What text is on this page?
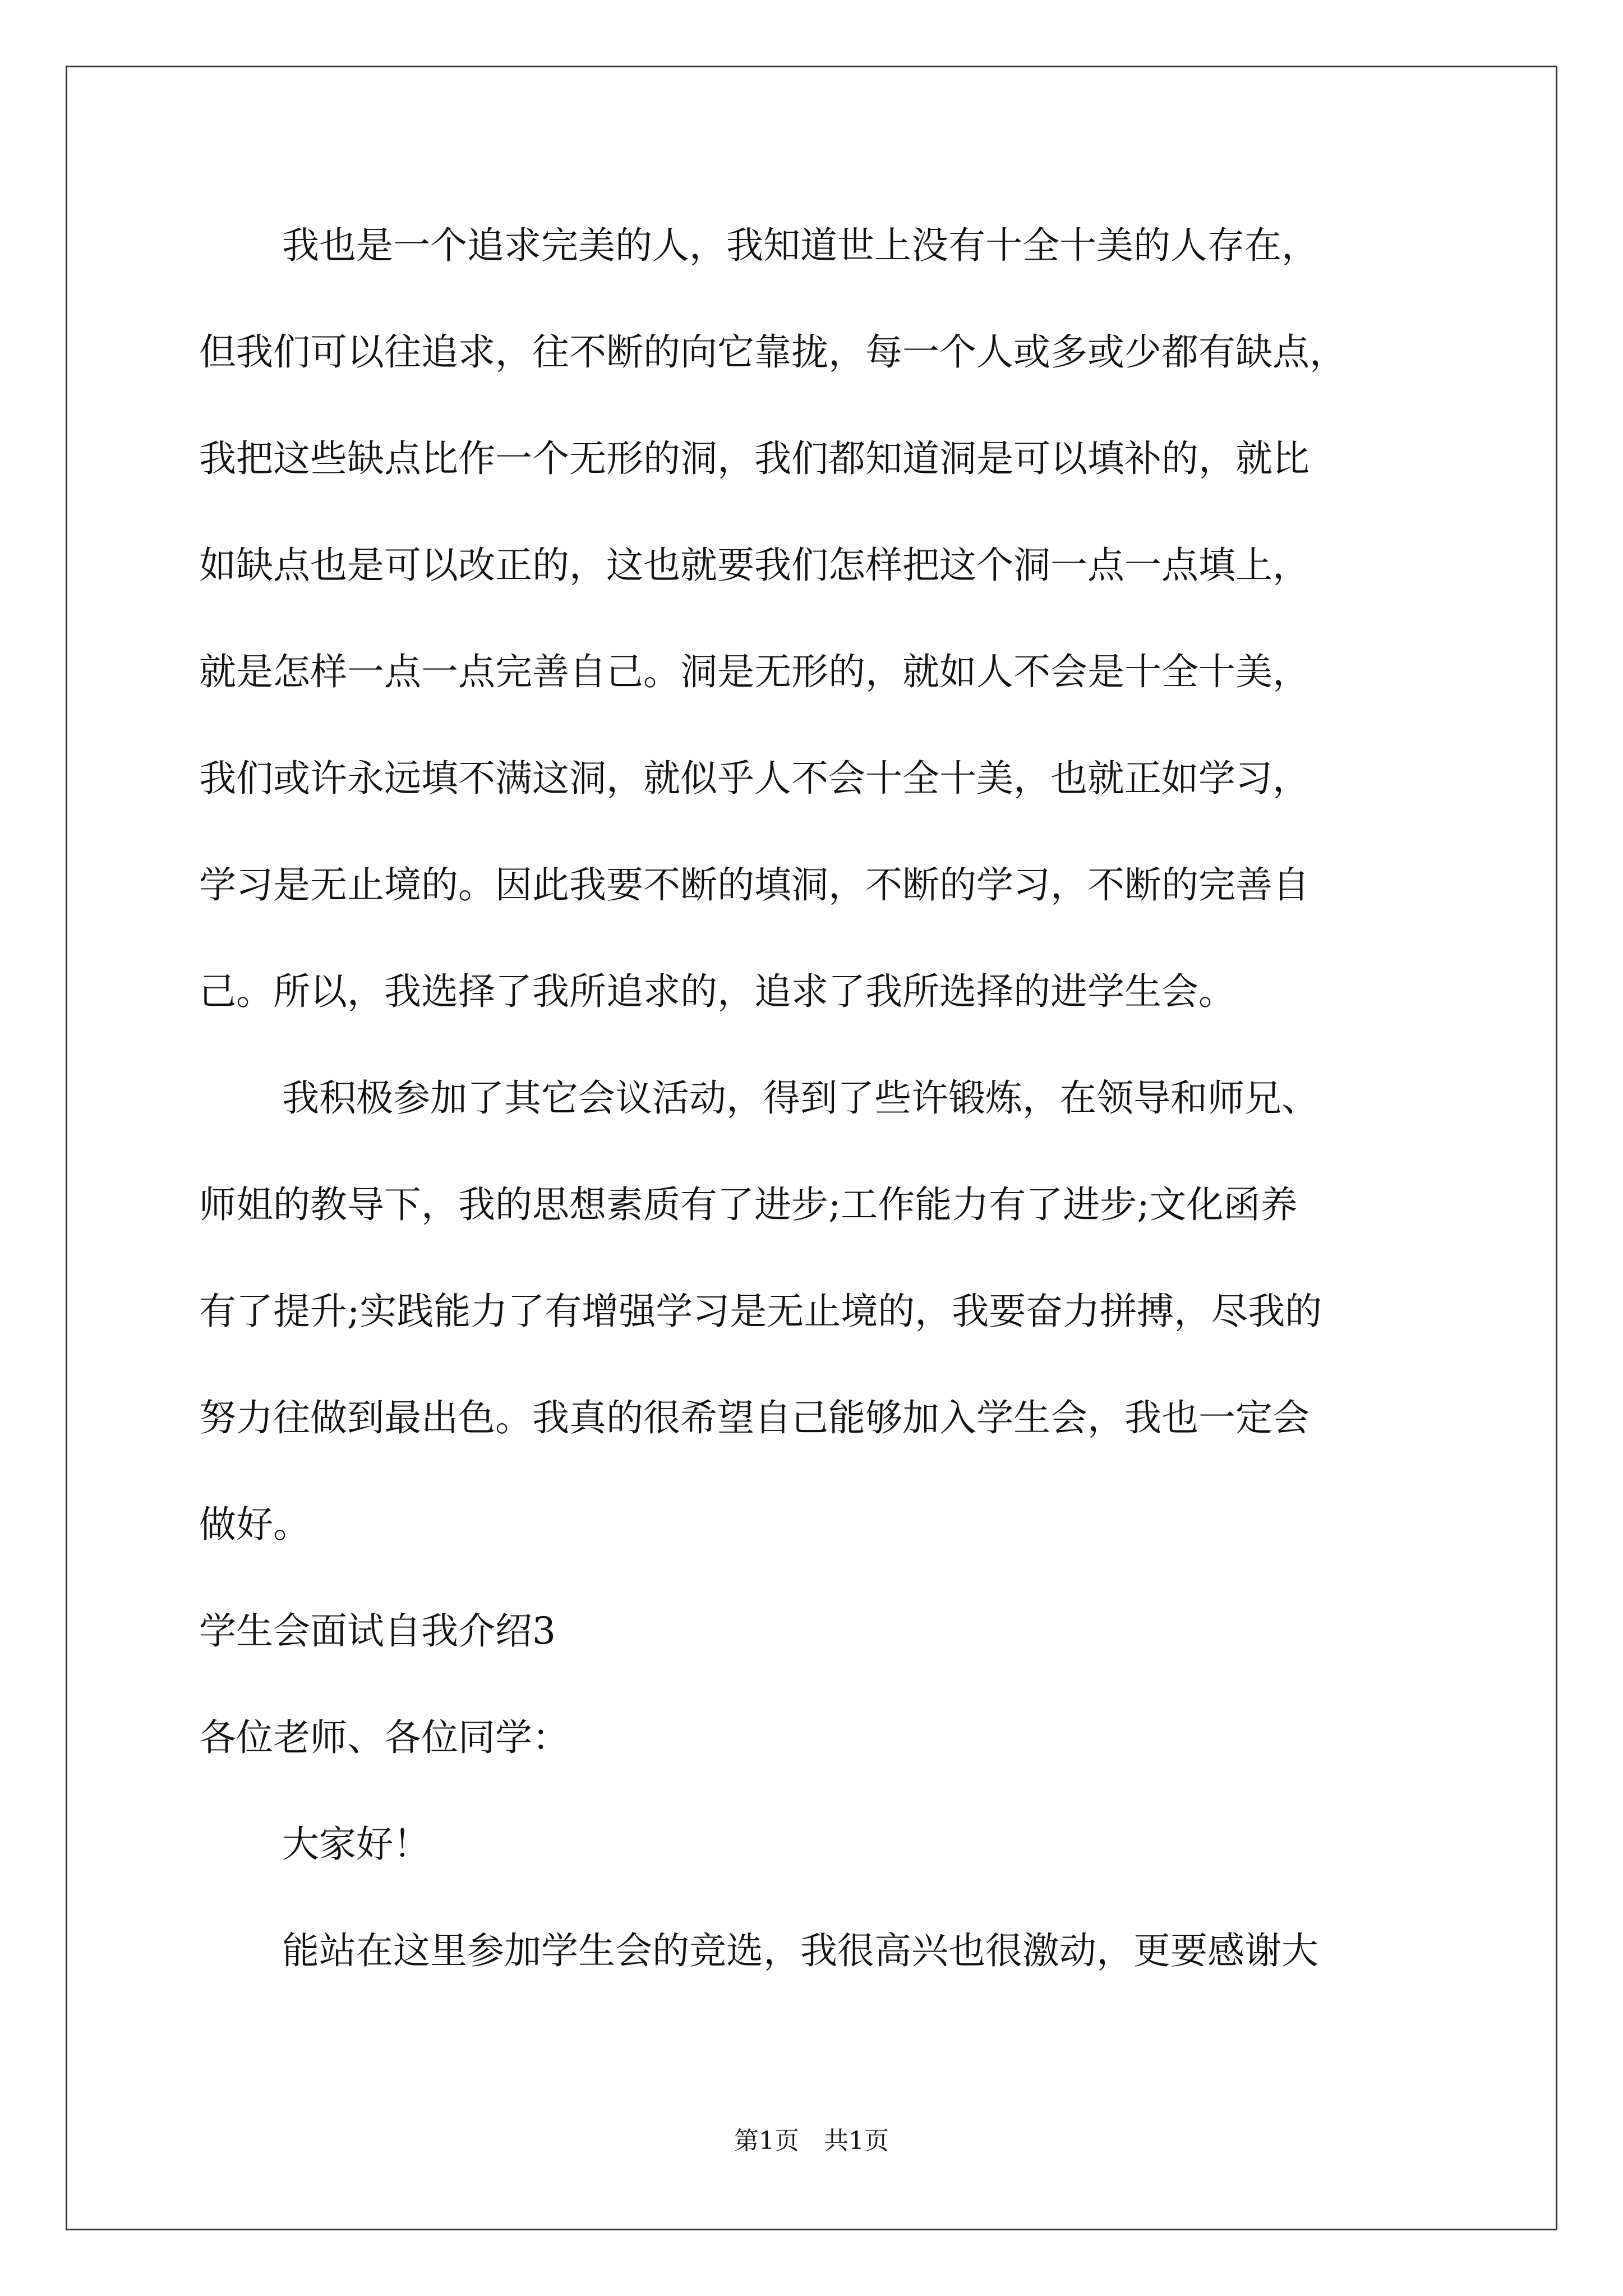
我也是一个追求完美的人，我知道世上没有十全十美的人存在，
但我们可以往追求，往不断的向它靠拢，每一个人或多或少都有缺点，
我把这些缺点比作一个无形的洞，我们都知道洞是可以填补的，就比
如缺点也是可以改正的，这也就要我们怎样把这个洞一点一点填上，
就是怎样一点一点完善自己。洞是无形的，就如人不会是十全十美，
我们或许永远填不满这洞，就似乎人不会十全十美，也就正如学习，
学习是无止境的。因此我要不断的填洞，不断的学习，不断的完善自
己。所以，我选择了我所追求的，追求了我所选择的进学生会。
我积极参加了其它会议活动，得到了些许锻炼，在领导和师兄、
师姐的教导下，我的思想素质有了进步;工作能力有了进步;文化函养
有了提升;实践能力了有增强学习是无止境的，我要奋力拼搏，尽我的
努力往做到最出色。我真的很希望自己能够加入学生会，我也一定会
做好。
学生会面试自我介绍3
各位老师、各位同学：
大家好！
能站在这里参加学生会的竞选，我很高兴也很激动，更要感谢大
第1页　共1页
